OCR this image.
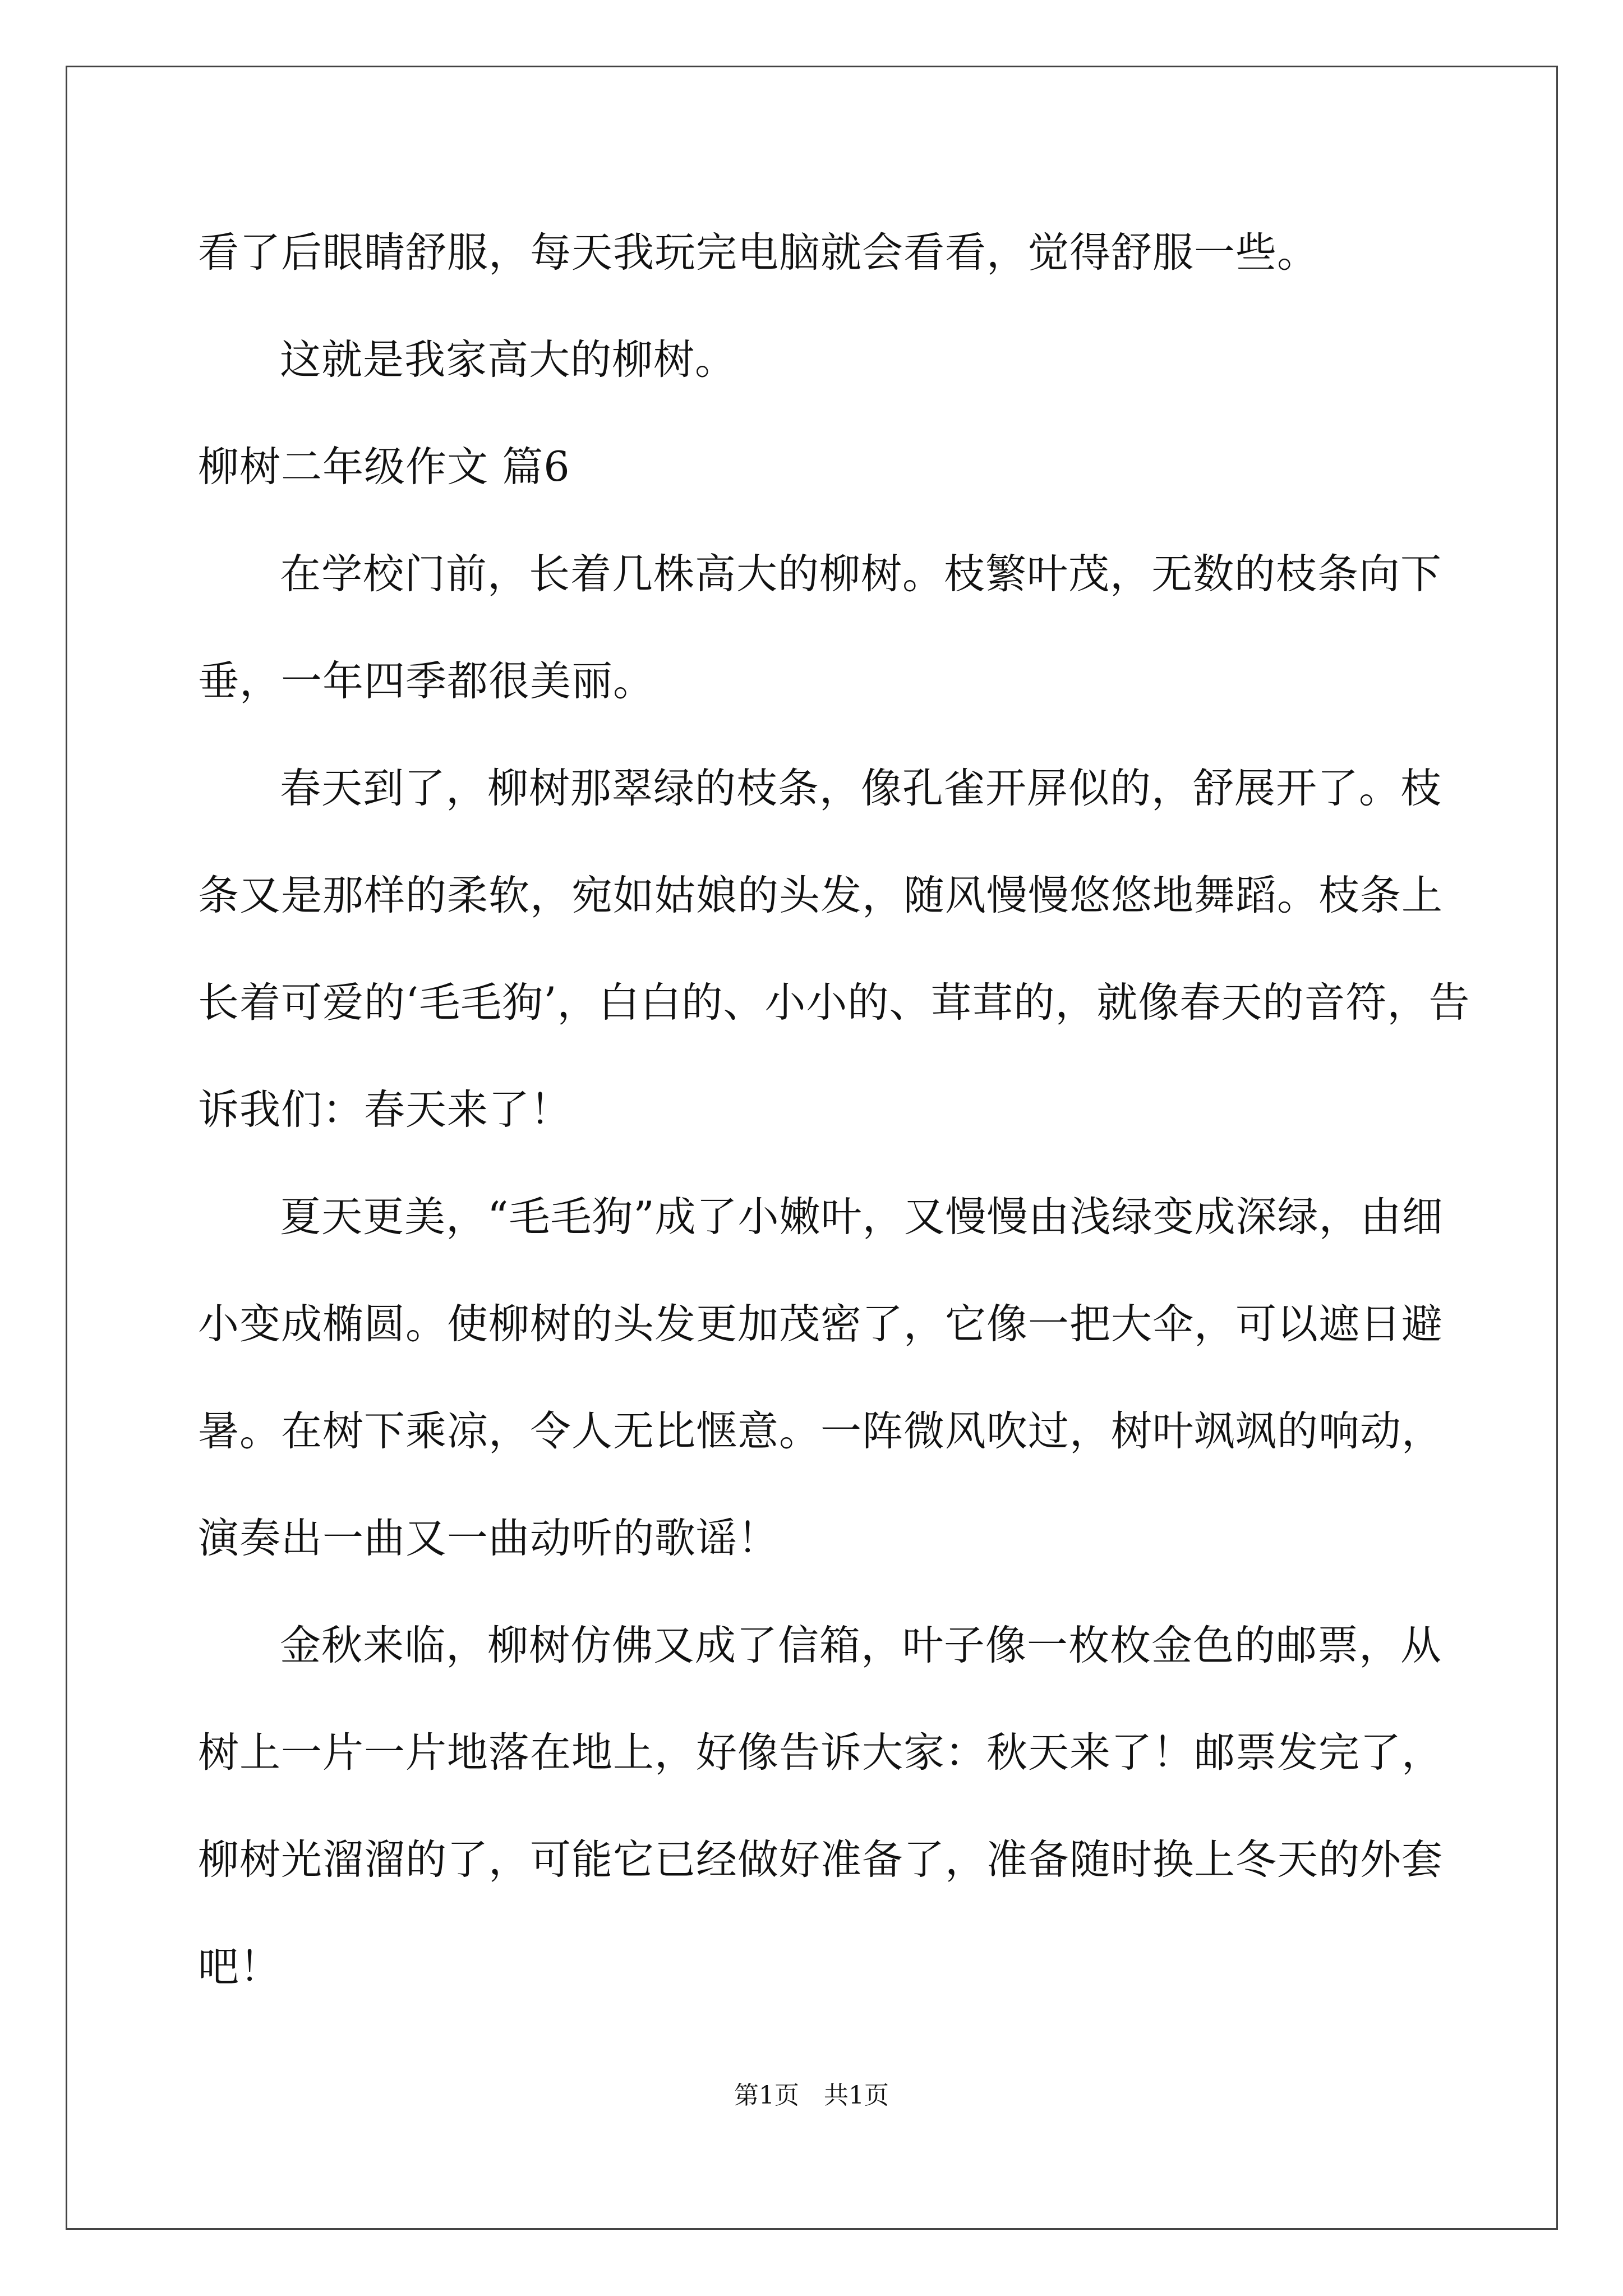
看了后眼睛舒服，每天我玩完电脑就会看看，觉得舒服一些。

这就是我家高大的柳树。

柳树二年级作文 篇6

在学校门前，长着几株高大的柳树。枝繁叶茂，无数的枝条向下垂，一年四季都很美丽。

春天到了，柳树那翠绿的枝条，像孔雀开屏似的，舒展开了。枝条又是那样的柔软，宛如姑娘的头发，随风慢慢悠悠地舞蹈。枝条上长着可爱的‘毛毛狗’，白白的、小小的、茸茸的，就像春天的音符，告诉我们：春天来了！

夏天更美，“毛毛狗”成了小嫩叶，又慢慢由浅绿变成深绿，由细小变成椭圆。使柳树的头发更加茂密了，它像一把大伞，可以遮日避暑。在树下乘凉，令人无比惬意。一阵微风吹过，树叶飒飒的响动，演奏出一曲又一曲动听的歌谣！

金秋来临，柳树仿佛又成了信箱，叶子像一枚枚金色的邮票，从树上一片一片地落在地上，好像告诉大家：秋天来了！邮票发完了，柳树光溜溜的了，可能它已经做好准备了，准备随时换上冬天的外套吧！

第1页　共1页
